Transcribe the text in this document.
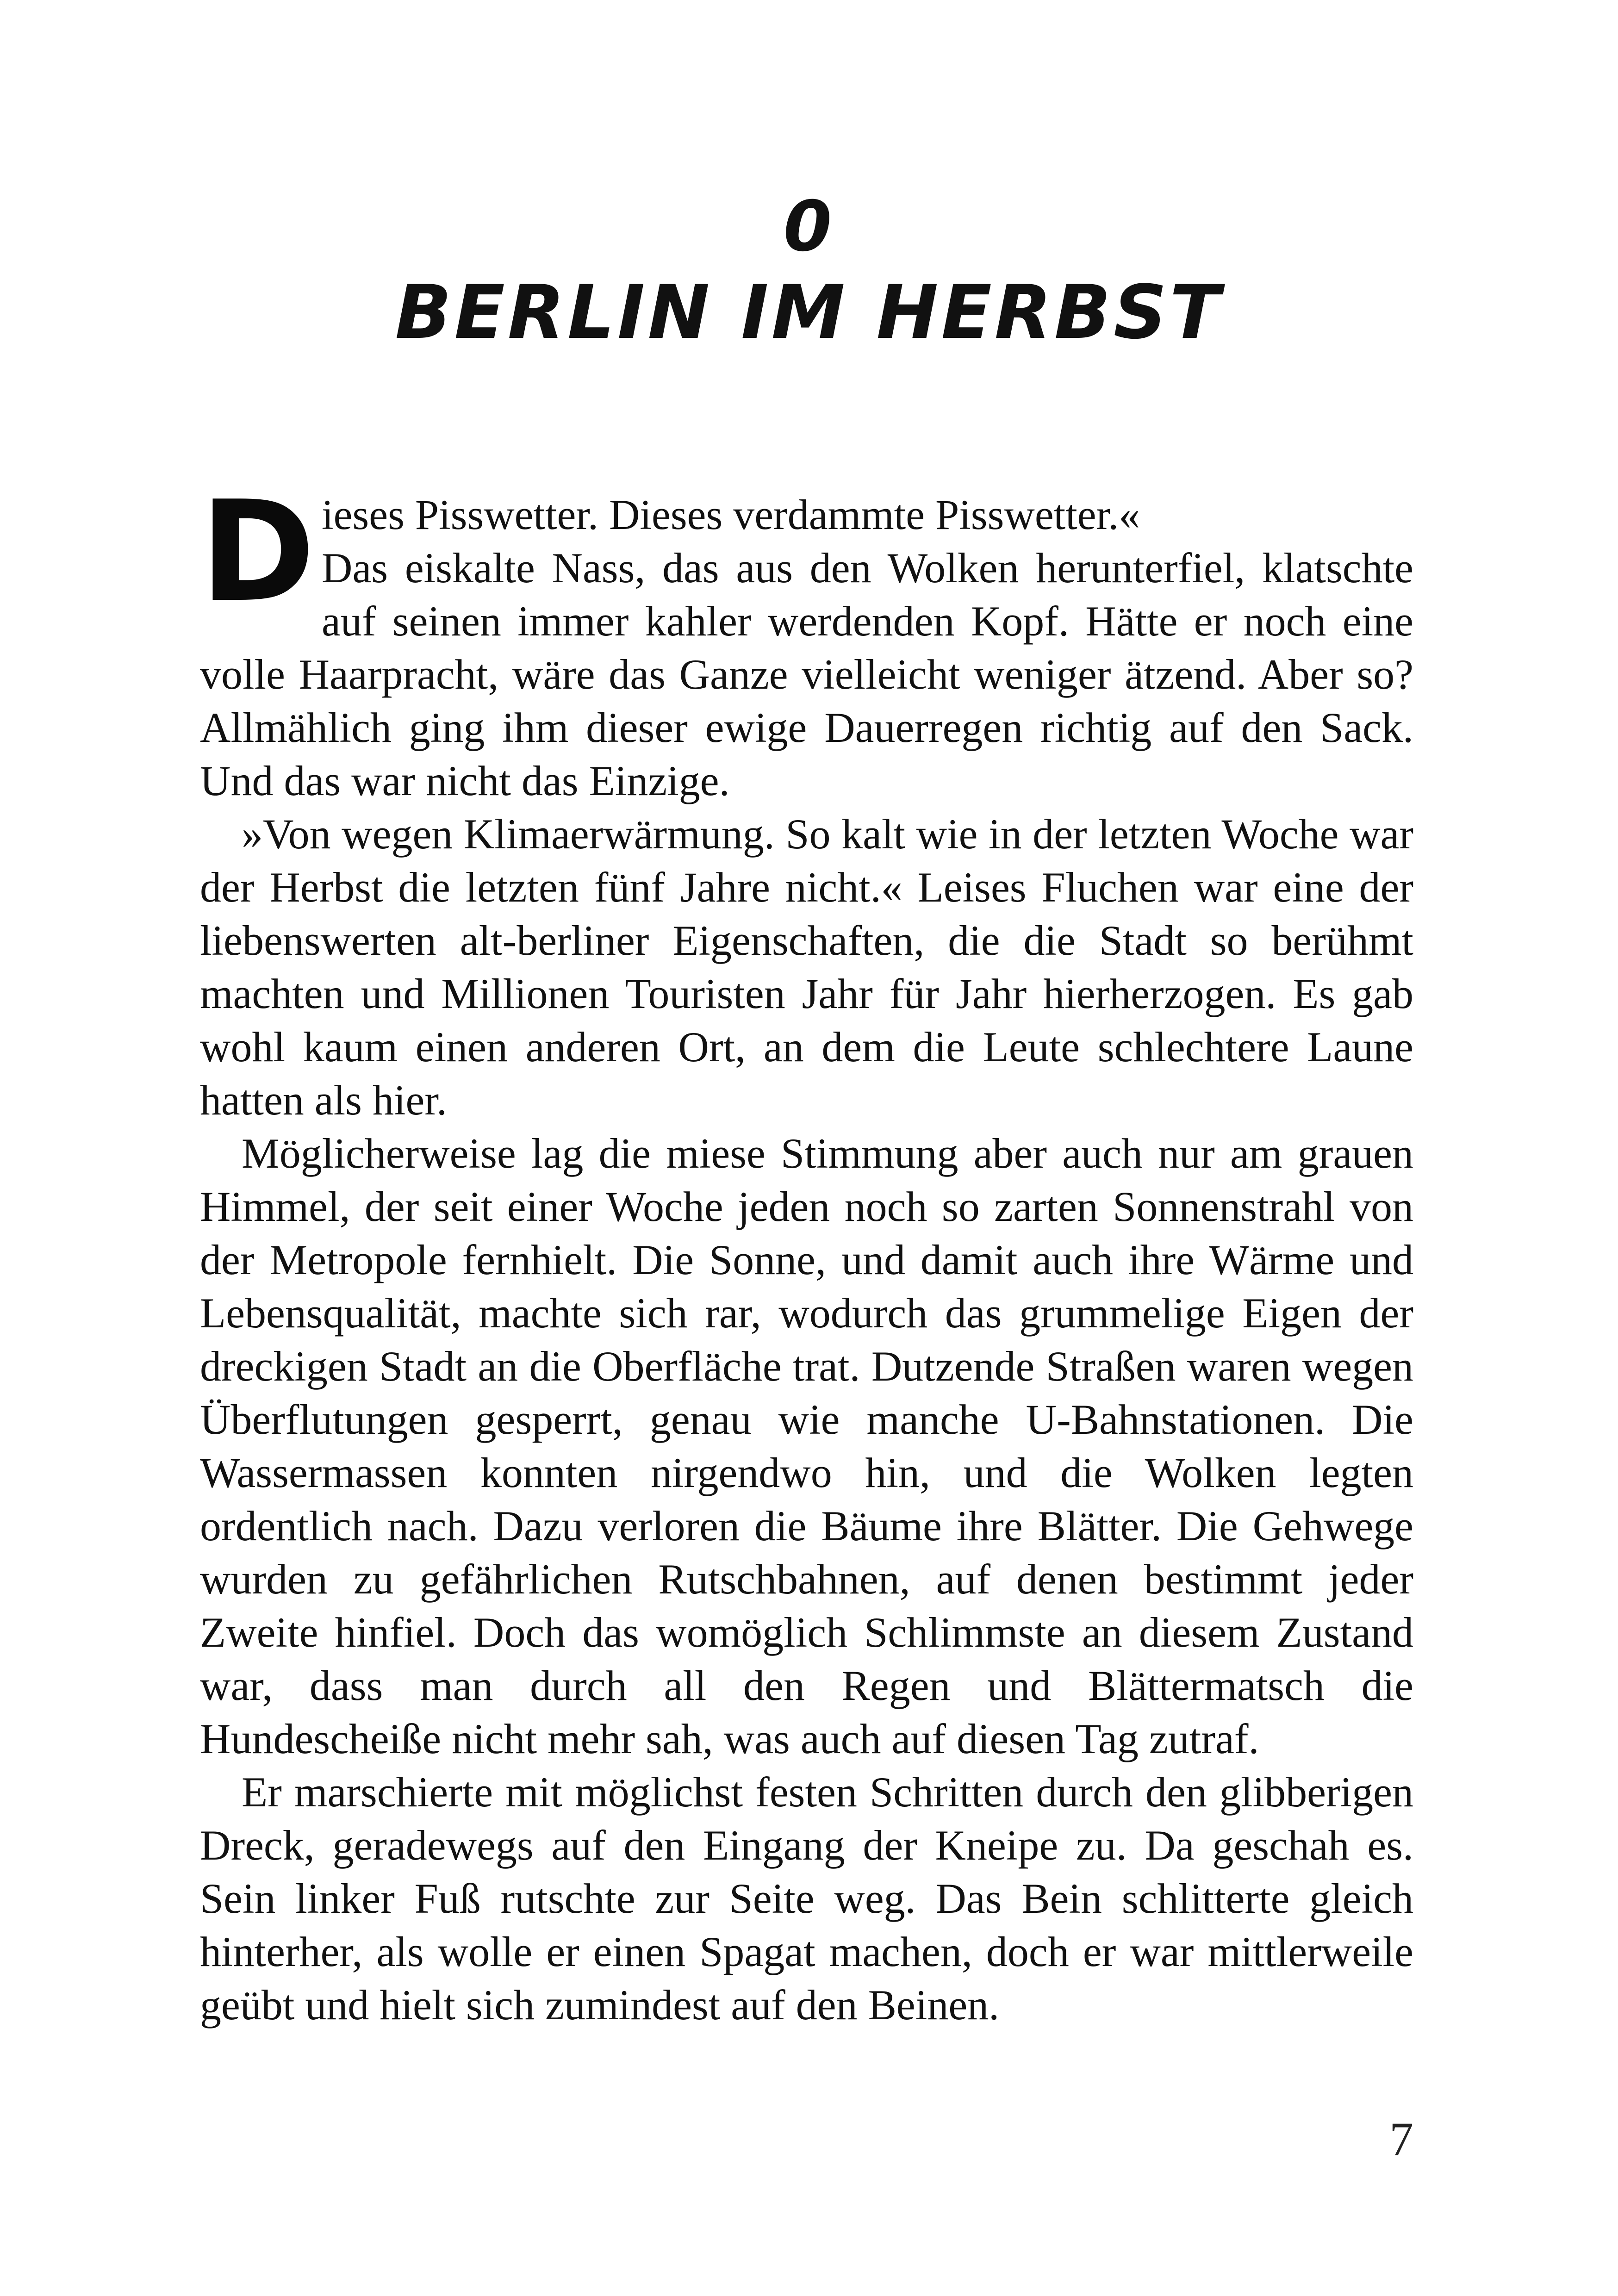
0
BERLIN IM HERBST

D ieses Pisswetter. Dieses verdammte Pisswetter.«
Das eiskalte Nass, das aus den Wolken herunterfiel, klatschte auf seinen immer kahler werdenden Kopf. Hätte er noch eine volle Haarpracht, wäre das Ganze vielleicht weniger ätzend. Aber so? Allmählich ging ihm dieser ewige Dauerregen richtig auf den Sack. Und das war nicht das Einzige.

»Von wegen Klimaerwärmung. So kalt wie in der letzten Woche war der Herbst die letzten fünf Jahre nicht.« Leises Fluchen war eine der liebenswerten alt-berliner Eigenschaften, die die Stadt so berühmt machten und Millionen Touristen Jahr für Jahr hierherzogen. Es gab wohl kaum einen anderen Ort, an dem die Leute schlechtere Laune hatten als hier.

Möglicherweise lag die miese Stimmung aber auch nur am grauen Himmel, der seit einer Woche jeden noch so zarten Sonnenstrahl von der Metropole fernhielt. Die Sonne, und damit auch ihre Wärme und Lebensqualität, machte sich rar, wodurch das grummelige Eigen der dreckigen Stadt an die Oberfläche trat. Dutzende Straßen waren wegen Überflutungen gesperrt, genau wie manche U-Bahnstationen. Die Wassermassen konnten nirgendwo hin, und die Wolken legten ordentlich nach. Dazu verloren die Bäume ihre Blätter. Die Gehwege wurden zu gefährlichen Rutschbahnen, auf denen bestimmt jeder Zweite hinfiel. Doch das womöglich Schlimmste an diesem Zustand war, dass man durch all den Regen und Blättermatsch die Hundescheiße nicht mehr sah, was auch auf diesen Tag zutraf.

Er marschierte mit möglichst festen Schritten durch den glibberigen Dreck, geradewegs auf den Eingang der Kneipe zu. Da geschah es. Sein linker Fuß rutschte zur Seite weg. Das Bein schlitterte gleich hinterher, als wolle er einen Spagat machen, doch er war mittlerweile geübt und hielt sich zumindest auf den Beinen.

7
